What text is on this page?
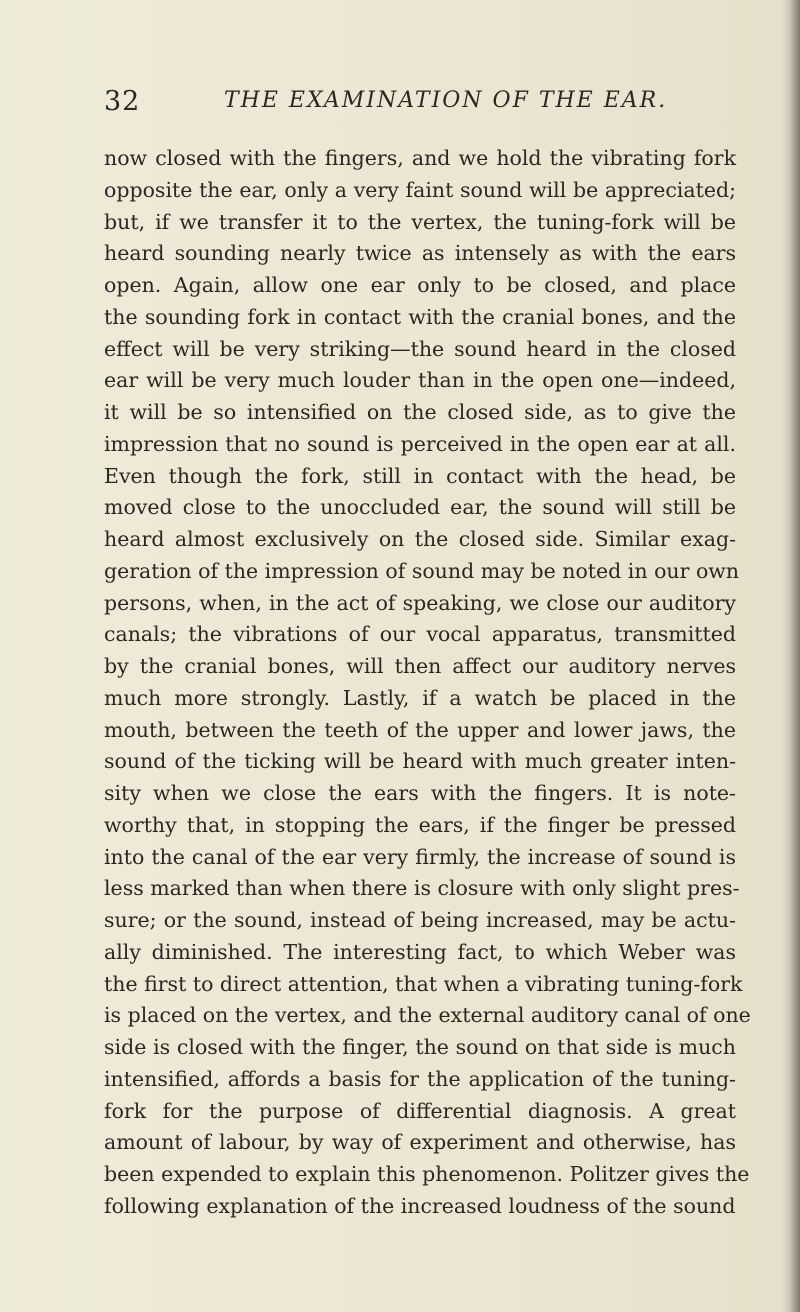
32	THE EXAMINATION OF THE EAR.
now closed with the fingers, and we hold the vibrating fork
opposite the ear, only a very faint sound will be appreciated;
but, if we transfer it to the vertex, the tuning-fork will be
heard sounding nearly twice as intensely as with the ears
open. Again, allow one ear only to be closed, and place
the sounding fork in contact with the cranial bones, and the
effect will be very striking—the sound heard in the closed
ear will be very much louder than in the open one—indeed,
it will be so intensified on the closed side, as to give the
impression that no sound is perceived in the open ear at all.
Even though the fork, still in contact with the head, be
moved close to the unoccluded ear, the sound will still be
heard almost exclusively on the closed side. Similar exag-
geration of the impression of sound may be noted in our own
persons, when, in the act of speaking, we close our auditory
canals; the vibrations of our vocal apparatus, transmitted
by the cranial bones, will then affect our auditory nerves
much more strongly. Lastly, if a watch be placed in the
mouth, between the teeth of the upper and lower jaws, the
sound of the ticking will be heard with much greater inten-
sity when we close the ears with the fingers. It is note-
worthy that, in stopping the ears, if the finger be pressed
into the canal of the ear very firmly, the increase of sound is
less marked than when there is closure with only slight pres-
sure; or the sound, instead of being increased, may be actu-
ally diminished. The interesting fact, to which Weber was
the first to direct attention, that when a vibrating tuning-fork
is placed on the vertex, and the external auditory canal of one
side is closed with the finger, the sound on that side is much
intensified, affords a basis for the application of the tuning-
fork for the purpose of differential diagnosis. A great
amount of labour, by way of experiment and otherwise, has
been expended to explain this phenomenon. Politzer gives the
following explanation of the increased loudness of the sound
